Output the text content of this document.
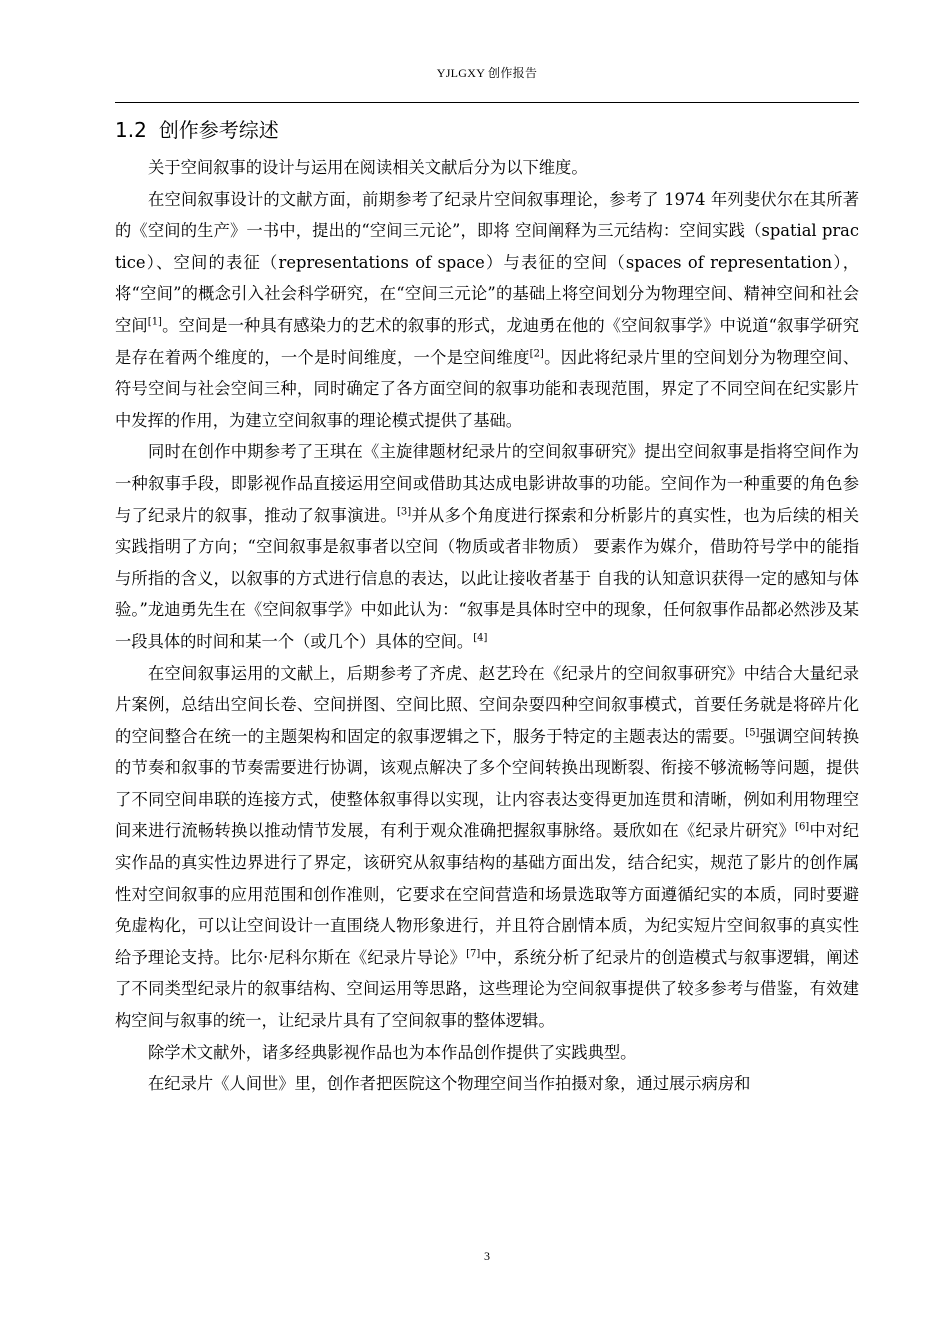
YJLGXY 创作报告
1.2 创作参考综述

关于空间叙事的设计与运用在阅读相关文献后分为以下维度。

在空间叙事设计的文献方面，前期参考了纪录片空间叙事理论，参考了 1974 年列斐伏尔在其所著的《空间的生产》一书中，提出的“空间三元论”，即将 空间阐释为三元结构：空间实践（spatial practice）、空间的表征（representations of space）与表征的空间（spaces of representation），将“空间”的概念引入社会科学研究，在“空间三元论”的基础上将空间划分为物理空间、精神空间和社会空间[1]。空间是一种具有感染力的艺术的叙事的形式，龙迪勇在他的《空间叙事学》中说道“叙事学研究是存在着两个维度的，一个是时间维度，一个是空间维度[2]。因此将纪录片里的空间划分为物理空间、符号空间与社会空间三种，同时确定了各方面空间的叙事功能和表现范围，界定了不同空间在纪实影片中发挥的作用，为建立空间叙事的理论模式提供了基础。

同时在创作中期参考了王琪在《主旋律题材纪录片的空间叙事研究》提出空间叙事是指将空间作为一种叙事手段，即影视作品直接运用空间或借助其达成电影讲故事的功能。空间作为一种重要的角色参与了纪录片的叙事，推动了叙事演进。[3]并从多个角度进行探索和分析影片的真实性，也为后续的相关实践指明了方向；“空间叙事是叙事者以空间（物质或者非物质） 要素作为媒介，借助符号学中的能指与所指的含义，以叙事的方式进行信息的表达，以此让接收者基于 自我的认知意识获得一定的感知与体验。”龙迪勇先生在《空间叙事学》中如此认为：“叙事是具体时空中的现象，任何叙事作品都必然涉及某一段具体的时间和某一个（或几个）具体的空间。[4]

在空间叙事运用的文献上，后期参考了齐虎、赵艺玲在《纪录片的空间叙事研究》中结合大量纪录片案例，总结出空间长卷、空间拼图、空间比照、空间杂耍四种空间叙事模式，首要任务就是将碎片化的空间整合在统一的主题架构和固定的叙事逻辑之下，服务于特定的主题表达的需要。[5]强调空间转换的节奏和叙事的节奏需要进行协调，该观点解决了多个空间转换出现断裂、衔接不够流畅等问题，提供了不同空间串联的连接方式，使整体叙事得以实现，让内容表达变得更加连贯和清晰，例如利用物理空间来进行流畅转换以推动情节发展，有利于观众准确把握叙事脉络。聂欣如在《纪录片研究》[6]中对纪实作品的真实性边界进行了界定，该研究从叙事结构的基础方面出发，结合纪实，规范了影片的创作属性对空间叙事的应用范围和创作准则，它要求在空间营造和场景选取等方面遵循纪实的本质，同时要避免虚构化，可以让空间设计一直围绕人物形象进行，并且符合剧情本质，为纪实短片空间叙事的真实性给予理论支持。比尔·尼科尔斯在《纪录片导论》[7]中，系统分析了纪录片的创造模式与叙事逻辑，阐述了不同类型纪录片的叙事结构、空间运用等思路，这些理论为空间叙事提供了较多参考与借鉴，有效建构空间与叙事的统一，让纪录片具有了空间叙事的整体逻辑。

除学术文献外，诸多经典影视作品也为本作品创作提供了实践典型。

在纪录片《人间世》里，创作者把医院这个物理空间当作拍摄对象，通过展示病房和

3
